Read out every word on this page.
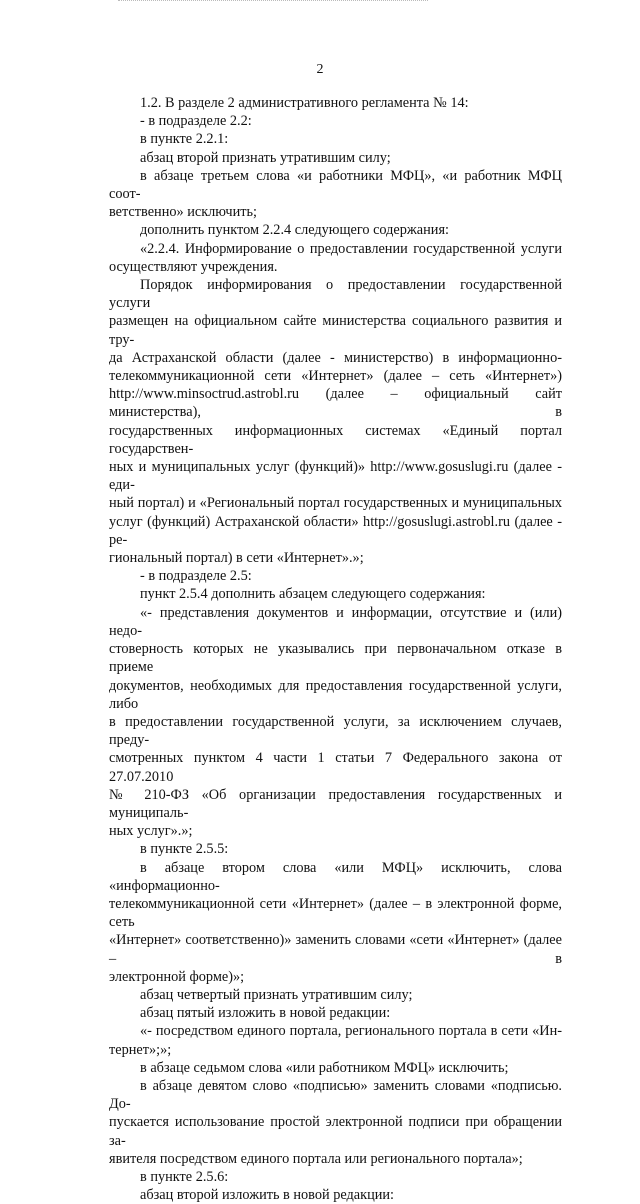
2

1.2. В разделе 2 административного регламента № 14:

- в подразделе 2.2:

в пункте 2.2.1:

абзац второй признать утратившим силу;

в абзаце третьем слова «и работники МФЦ», «и работник МФЦ соот-

ветственно» исключить;

дополнить пунктом 2.2.4 следующего содержания:

«2.2.4. Информирование о предоставлении государственной услуги

осуществляют учреждения.

Порядок информирования о предоставлении государственной услуги

размещен на официальном сайте министерства социального развития и тру-

да Астраханской области (далее - министерство) в информационно-

телекоммуникационной сети «Интернет» (далее – сеть «Интернет»)

http://www.minsoctrud.astrobl.ru (далее – официальный сайт министерства), в

государственных информационных системах «Единый портал государствен-

ных и муниципальных услуг (функций)» http://www.gosuslugi.ru (далее - еди-

ный портал) и «Региональный портал государственных и муниципальных

услуг (функций) Астраханской области» http://gosuslugi.astrobl.ru (далее - ре-

гиональный портал) в сети «Интернет».»;

- в подразделе 2.5:

пункт 2.5.4 дополнить абзацем следующего содержания:

«- представления документов и информации, отсутствие и (или) недо-

стоверность которых не указывались при первоначальном отказе в приеме

документов, необходимых для предоставления государственной услуги, либо

в предоставлении государственной услуги, за исключением случаев, преду-

смотренных пунктом 4 части 1 статьи 7 Федерального закона от 27.07.2010

№ 210-ФЗ «Об организации предоставления государственных и муниципаль-

ных услуг».»;

в пункте 2.5.5:

в абзаце втором слова «или МФЦ» исключить, слова «информационно-

телекоммуникационной сети «Интернет» (далее – в электронной форме, сеть

«Интернет» соответственно)» заменить словами «сети «Интернет» (далее – в

электронной форме)»;

абзац четвертый признать утратившим силу;

абзац пятый изложить в новой редакции:

«- посредством единого портала, регионального портала в сети «Ин-

тернет»;»;

в абзаце седьмом слова «или работником МФЦ» исключить;

в абзаце девятом слово «подписью» заменить словами «подписью. До-

пускается использование простой электронной подписи при обращении за-

явителя посредством единого портала или регионального портала»;

в пункте 2.5.6:

абзац второй изложить в новой редакции:
